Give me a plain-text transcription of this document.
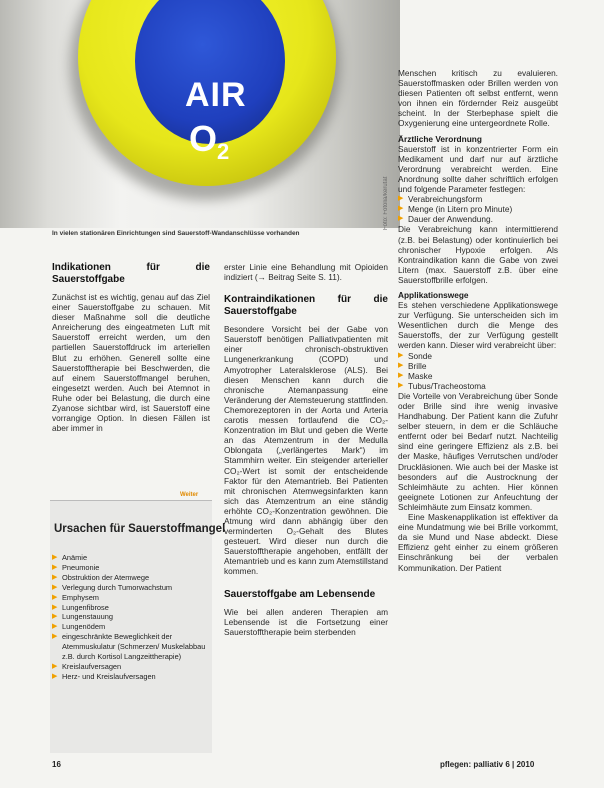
AIR
$O_2$
Foto: Fotolia/kerutat
In vielen stationären Einrichtungen sind Sauerstoff-Wandanschlüsse vorhanden

Indikationen für die Sauerstoffgabe

Zunächst ist es wichtig, genau auf das Ziel einer Sauerstoffgabe zu schauen. Mit dieser Maßnahme soll die deutliche Anreicherung des eingeatmeten Luft mit Sauerstoff erreicht werden, um den partiellen Sauerstoffdruck im arteriellen Blut zu erhöhen. Generell sollte eine Sauerstofftherapie bei Beschwerden, die auf einem Sauerstoffmangel beruhen, eingesetzt werden. Auch bei Atemnot in Ruhe oder bei Belastung, die durch eine Zyanose sichtbar wird, ist Sauerstoff eine vorrangige Option. In diesen Fällen ist aber immer in

Weiter
Ursachen für Sauerstoffmangel
▶ Anämie
▶ Pneumonie
▶ Obstruktion der Atemwege
▶ Verlegung durch Tumorwachstum
▶ Emphysem
▶ Lungenfibrose
▶ Lungenstauung
▶ Lungenödem
▶ eingeschränkte Beweglichkeit der Atemmuskulatur (Schmerzen/ Muskelabbau z.B. durch Kortisol Langzeittherapie)
▶ Kreislaufversagen
▶ Herz- und Kreislaufversagen

erster Linie eine Behandlung mit Opioiden indiziert (→ Beitrag Seite S. 11).

Kontraindikationen für die Sauerstoffgabe

Besondere Vorsicht bei der Gabe von Sauerstoff benötigen Palliativpatienten mit einer chronisch-obstruktiven Lungenerkrankung (COPD) und Amyotropher Lateralsklerose (ALS). Bei diesen Menschen kann durch die chronische Atemanpassung eine Veränderung der Atemsteuerung stattfinden. Chemorezeptoren in der Aorta und Arteria carotis messen fortlaufend die CO₂-Konzentration im Blut und geben die Werte an das Atemzentrum in der Medulla Oblongata („verlängertes Mark“) im Stammhirn weiter. Ein steigender arterieller CO₂-Wert ist somit der entscheidende Faktor für den Atemantrieb. Bei Patienten mit chronischen Atemwegsinfarkten kann sich das Atemzentrum an eine ständig erhöhte CO₂-Konzentration gewöhnen. Die Atmung wird dann abhängig über den verminderten O₂-Gehalt des Blutes gesteuert. Wird dieser nun durch die Sauerstofftherapie angehoben, entfällt der Atemantrieb und es kann zum Atemstillstand kommen.

Sauerstoffgabe am Lebensende

Wie bei allen anderen Therapien am Lebensende ist die Fortsetzung einer Sauerstofftherapie beim sterbenden

Menschen kritisch zu evaluieren. Sauerstoffmasken oder Brillen werden von diesen Patienten oft selbst entfernt, wenn von ihnen ein fördernder Reiz ausgeübt scheint. In der Sterbephase spielt die Oxygenierung eine untergeordnete Rolle.

Ärztliche Verordnung

Sauerstoff ist in konzentrierter Form ein Medikament und darf nur auf ärztliche Verordnung verabreicht werden. Eine Anordnung sollte daher schriftlich erfolgen und folgende Parameter festlegen:

▶ Verabreichungsform
▶ Menge (in Litern pro Minute)
▶ Dauer der Anwendung.

Die Verabreichung kann intermittierend (z.B. bei Belastung) oder kontinuierlich bei chronischer Hypoxie erfolgen. Als Kontraindikation kann die Gabe von zwei Litern (max. Sauerstoff z.B. über eine Sauerstoffbrille erfolgen.

Applikationswege

Es stehen verschiedene Applikationswege zur Verfügung. Sie unterscheiden sich im Wesentlichen durch die Menge des Sauerstoffs, der zur Verfügung gestellt werden kann. Dieser wird verabreicht über:

▶ Sonde
▶ Brille
▶ Maske
▶ Tubus/Tracheostoma

Die Vorteile von Verabreichung über Sonde oder Brille sind ihre wenig invasive Handhabung. Der Patient kann die Zufuhr selber steuern, in dem er die Schläuche entfernt oder bei Bedarf nutzt. Nachteilig sind eine geringere Effizienz als z.B. bei der Maske, häufiges Verrutschen und/oder Druckläsionen. Wie auch bei der Maske ist besonders auf die Austrocknung der Schleimhäute zu achten. Hier können geeignete Lotionen zur Anfeuchtung der Schleimhäute zum Einsatz kommen.

Eine Maskenapplikation ist effektiver da eine Mundatmung wie bei Brille vorkommt, da sie Mund und Nase abdeckt. Diese Effizienz geht einher zu einem größeren Einschränkung bei der verbalen Kommunikation. Der Patient

16	pflegen: palliativ 6 | 2010
